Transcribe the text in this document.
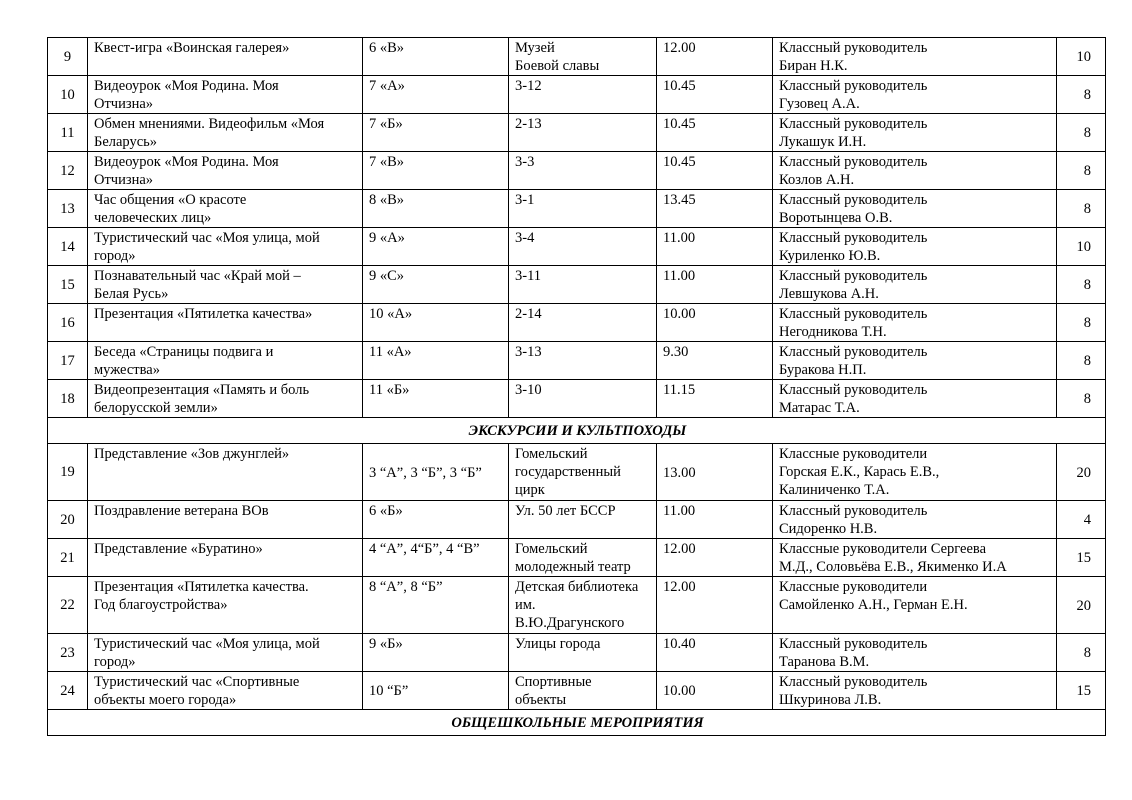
9	Квест-игра «Воинская галерея»	6 «В»	Музей
Боевой славы	12.00	Классный руководитель
Биран Н.К.	10
10	Видеоурок «Моя Родина. Моя
Отчизна»	7 «А»	3-12	10.45	Классный руководитель
Гузовец А.А.	8
11	Обмен мнениями. Видеофильм «Моя
Беларусь»	7 «Б»	2-13	10.45	Классный руководитель
Лукашук И.Н.	8
12	Видеоурок «Моя Родина. Моя
Отчизна»	7 «В»	3-3	10.45	Классный руководитель
Козлов А.Н.	8
13	Час общения «О красоте
человеческих лиц»	8 «В»	3-1	13.45	Классный руководитель
Воротынцева О.В.	8
14	Туристический час «Моя улица, мой
город»	9 «А»	3-4	11.00	Классный руководитель
Куриленко Ю.В.	10
15	Познавательный час «Край мой –
Белая Русь»	9 «С»	3-11	11.00	Классный руководитель
Левшукова А.Н.	8
16	Презентация «Пятилетка качества»	10 «А»	2-14	10.00	Классный руководитель
Негодникова Т.Н.	8
17	Беседа «Страницы подвига и
мужества»	11 «А»	3-13	9.30	Классный руководитель
Буракова Н.П.	8
18	Видеопрезентация «Память и боль
белорусской земли»	11 «Б»	3-10	11.15	Классный руководитель
Матарас Т.А.	8
ЭКСКУРСИИ И КУЛЬТПОХОДЫ						
19	Представление «Зов джунглей»	3 “А”, 3 “Б”, 3 “Б”	Гомельский
государственный
цирк	13.00	Классные руководители
Горская Е.К., Карась Е.В.,
Калиниченко Т.А.	20
20	Поздравление ветерана ВОв	6 «Б»	Ул. 50 лет БССР	11.00	Классный руководитель
Сидоренко Н.В.	4
21	Представление «Буратино»	4 “А”, 4“Б”, 4 “В”	Гомельский
молодежный театр	12.00	Классные руководители Сергеева
М.Д., Соловьёва Е.В., Якименко И.А	15
22	Презентация «Пятилетка качества.
Год благоустройства»	8 “А”, 8 “Б”	Детская библиотека
им.
В.Ю.Драгунского	12.00	Классные руководители
Самойленко А.Н., Герман Е.Н.	20
23	Туристический час «Моя улица, мой
город»	9 «Б»	Улицы города	10.40	Классный руководитель
Таранова В.М.	8
24	Туристический час «Спортивные
объекты моего города»	10 “Б”	Спортивные
объекты	10.00	Классный руководитель
Шкуринова Л.В.	15
ОБЩЕШКОЛЬНЫЕ МЕРОПРИЯТИЯ						
